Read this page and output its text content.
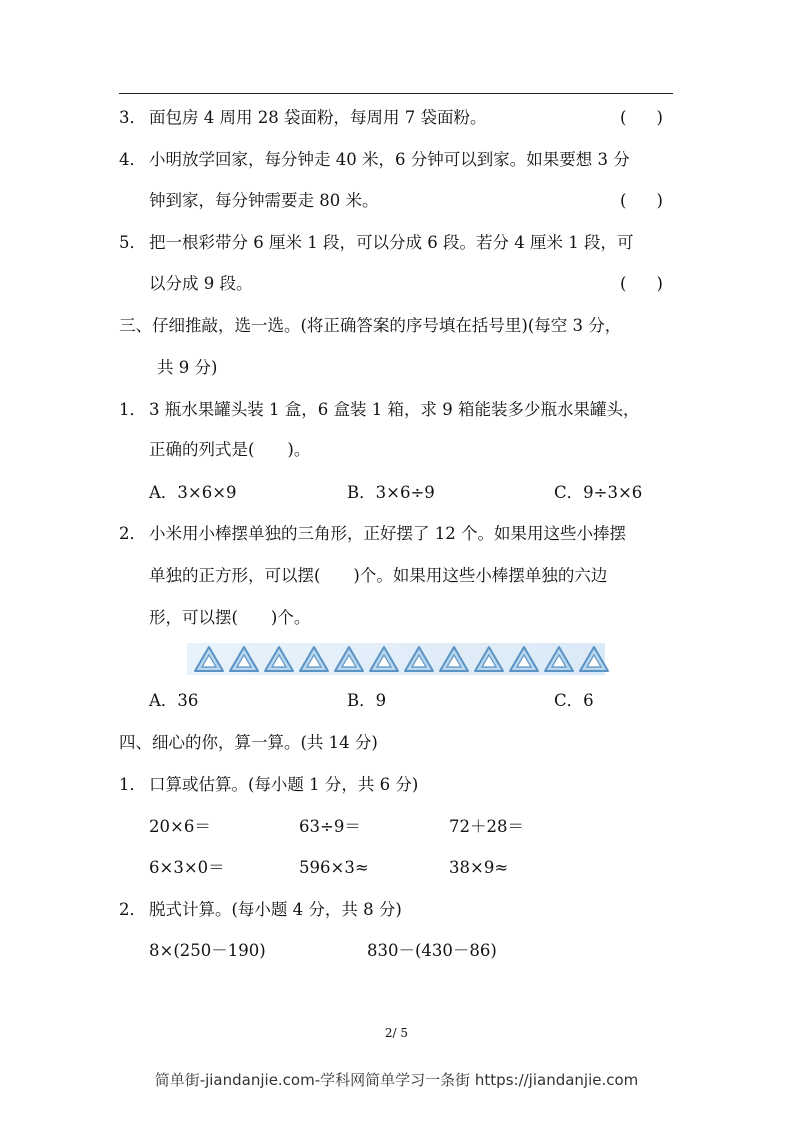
3． 面包房 4 周用 28 袋面粉，每周用 7 袋面粉。	( )
4． 小明放学回家，每分钟走 40 米，6 分钟可以到家。如果要想 3 分
钟到家，每分钟需要走 80 米。	( )
5． 把一根彩带分 6 厘米 1 段，可以分成 6 段。若分 4 厘米 1 段，可
以分成 9 段。	( )
三、仔细推敲，选一选。(将正确答案的序号填在括号里)(每空 3 分，
共 9 分)
1． 3 瓶水果罐头装 1 盒，6 盒装 1 箱，求 9 箱能装多少瓶水果罐头，
正确的列式是(　　)。
A．3×6×9	B．3×6÷9	C．9÷3×6
2． 小米用小棒摆单独的三角形，正好摆了 12 个。如果用这些小捧摆
单独的正方形，可以摆(　　)个。如果用这些小棒摆单独的六边
形，可以摆(　　)个。
A．36	B．9	C．6
四、细心的你，算一算。(共 14 分)
1． 口算或估算。(每小题 1 分，共 6 分)
20×6＝	63÷9＝	72＋28＝
6×3×0＝	596×3≈	38×9≈
2． 脱式计算。(每小题 4 分，共 8 分)
8×(250－190)	830－(430－86)
2/ 5
简单街-jiandanjie.com-学科网简单学习一条街 https://jiandanjie.com
